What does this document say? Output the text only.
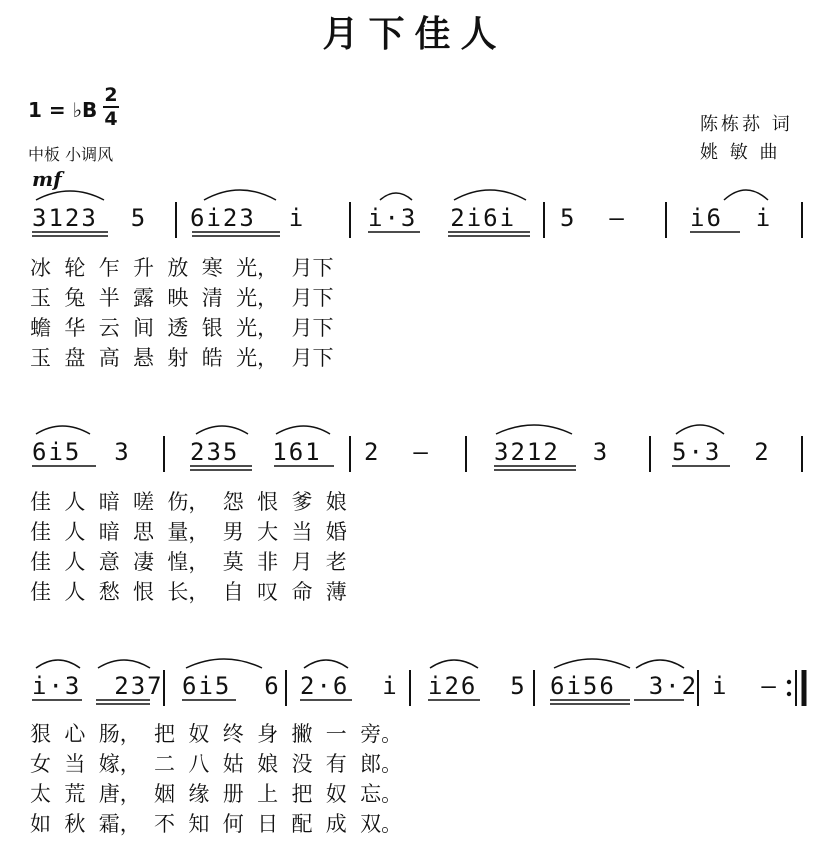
月下佳人
1 = ♭B
2
4
中板 小调风
陈栋荪 词
姚 敏 曲
mf
3123  5 6i23  i	i·3  2i6i 5  –	i6  i
冰  轮  乍  升  放  寒  光，  月下
玉  兔  半  露  映  清  光，  月下
蟾  华  云  间  透  银  光，  月下
玉  盘  高  悬  射  皓  光，  月下
6i5  3 235  161 2  –	3212  3	5·3  2
佳  人  暗  嗟  伤，  怨  恨  爹  娘
佳  人  暗  思  量，  男  大  当  婚
佳  人  意  凄  惶，  莫  非  月  老
佳  人  愁  恨  长，  自  叹  命  薄
i·3  237 6i5  6 2·6  i i26  5 6i56  3·2 i  –
狠  心  肠，  把  奴  终  身  撇  一  旁。
女  当  嫁，  二  八  姑  娘  没  有  郎。
太  荒  唐，  姻  缘  册  上  把  奴  忘。
如  秋  霜，  不  知  何  日  配  成  双。
